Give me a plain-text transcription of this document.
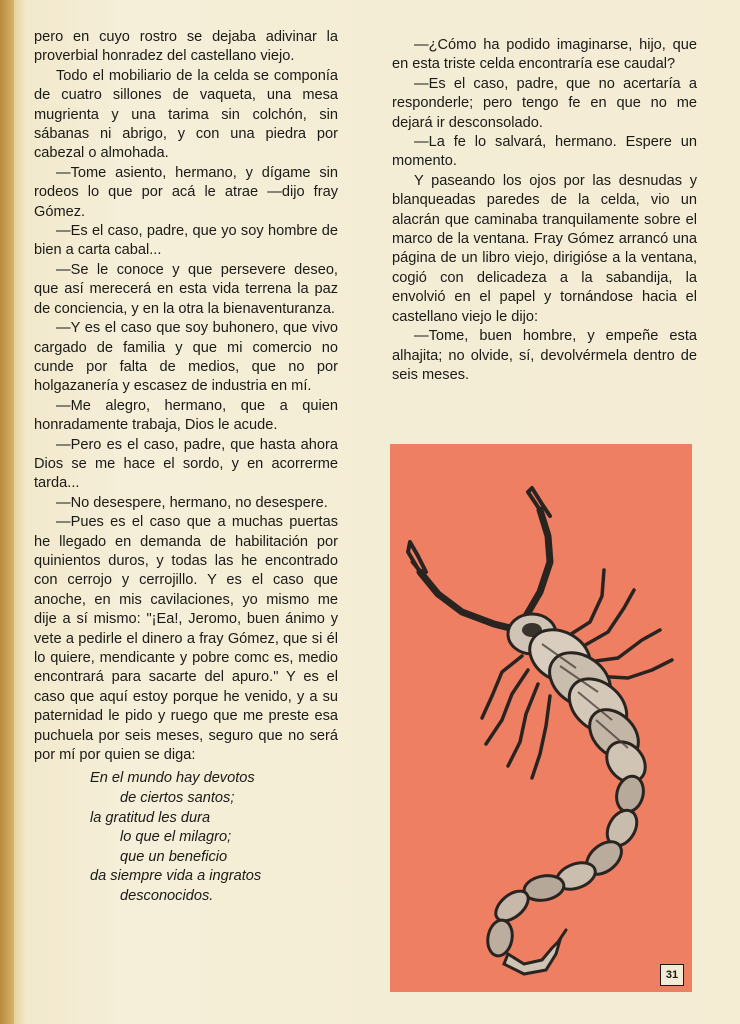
pero en cuyo rostro se dejaba adivinar la proverbial honradez del castellano viejo.

Todo el mobiliario de la celda se componía de cuatro sillones de vaqueta, una mesa mugrienta y una tarima sin colchón, sin sábanas ni abrigo, y con una piedra por cabezal o almohada.

—Tome asiento, hermano, y dígame sin rodeos lo que por acá le atrae —dijo fray Gómez.

—Es el caso, padre, que yo soy hombre de bien a carta cabal...

—Se le conoce y que persevere deseo, que así merecerá en esta vida terrena la paz de conciencia, y en la otra la bienaventuranza.

—Y es el caso que soy buhonero, que vivo cargado de familia y que mi comercio no cunde por falta de medios, que no por holgazanería y escasez de industria en mí.

—Me alegro, hermano, que a quien honradamente trabaja, Dios le acude.

—Pero es el caso, padre, que hasta ahora Dios se me hace el sordo, y en acorrerme tarda...

—No desespere, hermano, no desespere.

—Pues es el caso que a muchas puertas he llegado en demanda de habilitación por quinientos duros, y todas las he encontrado con cerrojo y cerrojillo. Y es el caso que anoche, en mis cavilaciones, yo mismo me dije a sí mismo: "¡Ea!, Jeromo, buen ánimo y vete a pedirle el dinero a fray Gómez, que si él lo quiere, mendicante y pobre comc es, medio encontrará para sacarte del apuro." Y es el caso que aquí estoy porque he venido, y a su paternidad le pido y ruego que me preste esa puchuela por seis meses, seguro que no será por mí por quien se diga:

En el mundo hay devotos
de ciertos santos;
la gratitud les dura
lo que el milagro;
que un beneficio
da siempre vida a ingratos
desconocidos.

—¿Cómo ha podido imaginarse, hijo, que en esta triste celda encontraría ese caudal?

—Es el caso, padre, que no acertaría a responderle; pero tengo fe en que no me dejará ir desconsolado.

—La fe lo salvará, hermano. Espere un momento.

Y paseando los ojos por las desnudas y blanqueadas paredes de la celda, vio un alacrán que caminaba tranquilamente sobre el marco de la ventana. Fray Gómez arrancó una página de un libro viejo, dirigióse a la ventana, cogió con delicadeza a la sabandija, la envolvió en el papel y tornándose hacia el castellano viejo le dijo:

—Tome, buen hombre, y empeñe esta alhajita; no olvide, sí, devolvérmela dentro de seis meses.

31
